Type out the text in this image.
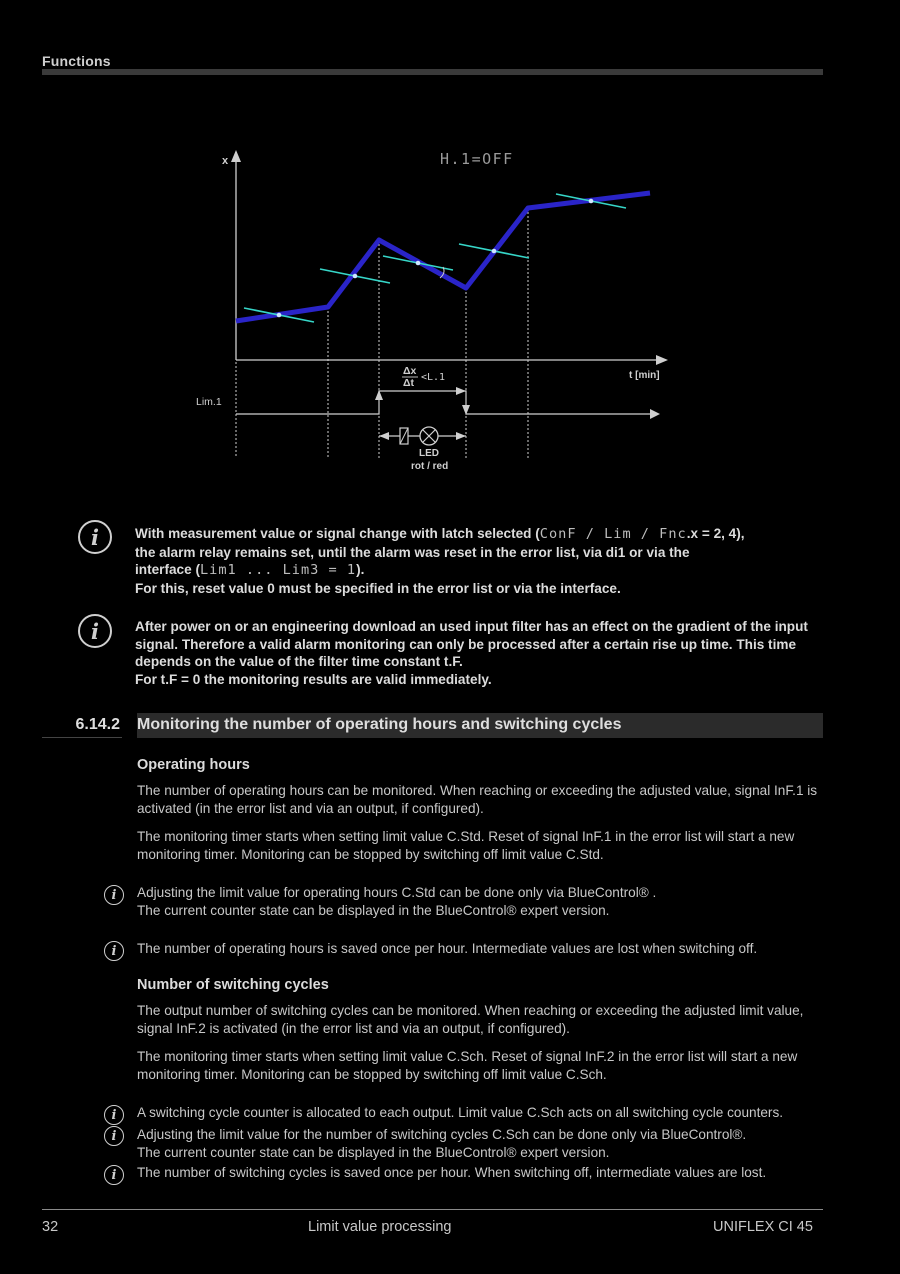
Functions
x
t [min]
H.1=OFF
Δx
Δt <L.1
Lim.1
LED
rot / red
i	With measurement value or signal change with latch selected (ConF / Lim / Fnc.x = 2, 4),
the alarm relay remains set, until the alarm was reset in the error list, via di1 or via the
interface (Lim1 ... Lim3 = 1).
For this, reset value 0 must be specified in the error list or via the interface.
i	After power on or an engineering download an used input filter has an effect on the gradient of the input signal. Therefore a valid alarm monitoring can only be processed after a certain rise up time. This time depends on the value of the filter time constant t.F.
For t.F = 0 the monitoring results are valid immediately.
6.14.2 Monitoring the number of operating hours and switching cycles
Operating hours
The number of operating hours can be monitored. When reaching or exceeding the adjusted value, signal InF.1 is activated (in the error list and via an output, if configured).
The monitoring timer starts when setting limit value C.Std. Reset of signal InF.1 in the error list will start a new monitoring timer. Monitoring can be stopped by switching off limit value C.Std.
i	Adjusting the limit value for operating hours C.Std can be done only via BlueControl® .
The current counter state can be displayed in the BlueControl® expert version.
i	The number of operating hours is saved once per hour. Intermediate values are lost when switching off.
Number of switching cycles
The output number of switching cycles can be monitored. When reaching or exceeding the adjusted limit value, signal InF.2 is activated (in the error list and via an output, if configured).
The monitoring timer starts when setting limit value C.Sch. Reset of signal InF.2 in the error list will start a new monitoring timer. Monitoring can be stopped by switching off limit value C.Sch.
i	A switching cycle counter is allocated to each output. Limit value C.Sch acts on all switching cycle counters.
i	Adjusting the limit value for the number of switching cycles C.Sch can be done only via BlueControl®.
The current counter state can be displayed in the BlueControl® expert version.
i	The number of switching cycles is saved once per hour. When switching off, intermediate values are lost.
32	Limit value processing	UNIFLEX CI 45
